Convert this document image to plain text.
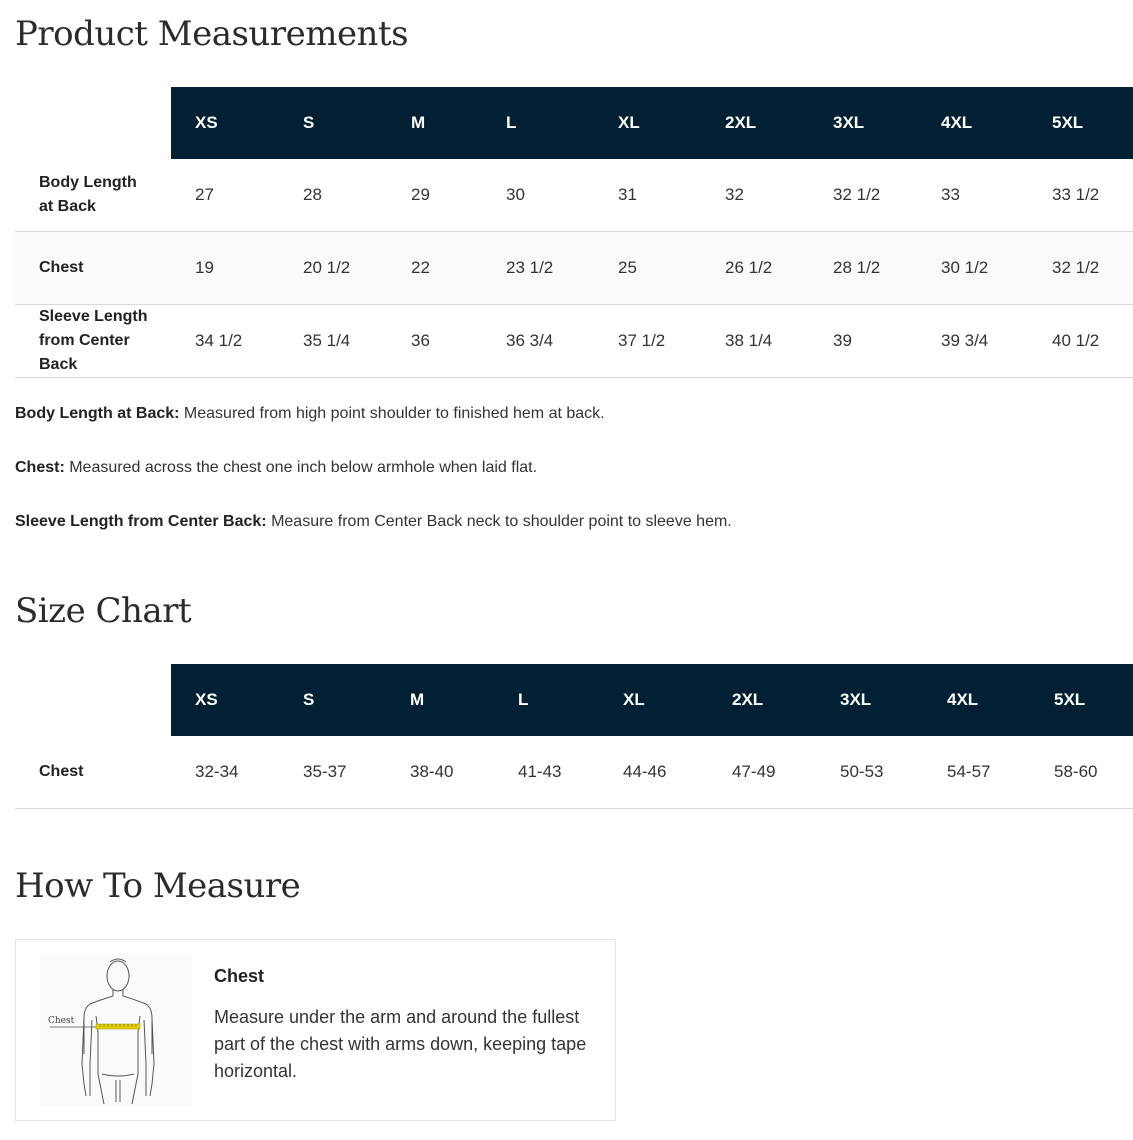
Product Measurements
	XS	S	M	L	XL	2XL	3XL	4XL	5XL

Body Length at Back	27	28	29	30	31	32	32 1/2	33	33 1/2

Chest	19	20 1/2	22	23 1/2	25	26 1/2	28 1/2	30 1/2	32 1/2

Sleeve Length from Center Back	34 1/2	35 1/4	36	36 3/4	37 1/2	38 1/4	39	39 3/4	40 1/2

Body Length at Back: Measured from high point shoulder to finished hem at back.

Chest: Measured across the chest one inch below armhole when laid flat.

Sleeve Length from Center Back: Measure from Center Back neck to shoulder point to sleeve hem.

Size Chart
	XS	S	M	L	XL	2XL	3XL	4XL	5XL
Chest	32-34	35-37	38-40	41-43	44-46	47-49	50-53	54-57	58-60
How To Measure
Chest
Chest
Measure under the arm and around the fullest part of the chest with arms down, keeping tape horizontal.
